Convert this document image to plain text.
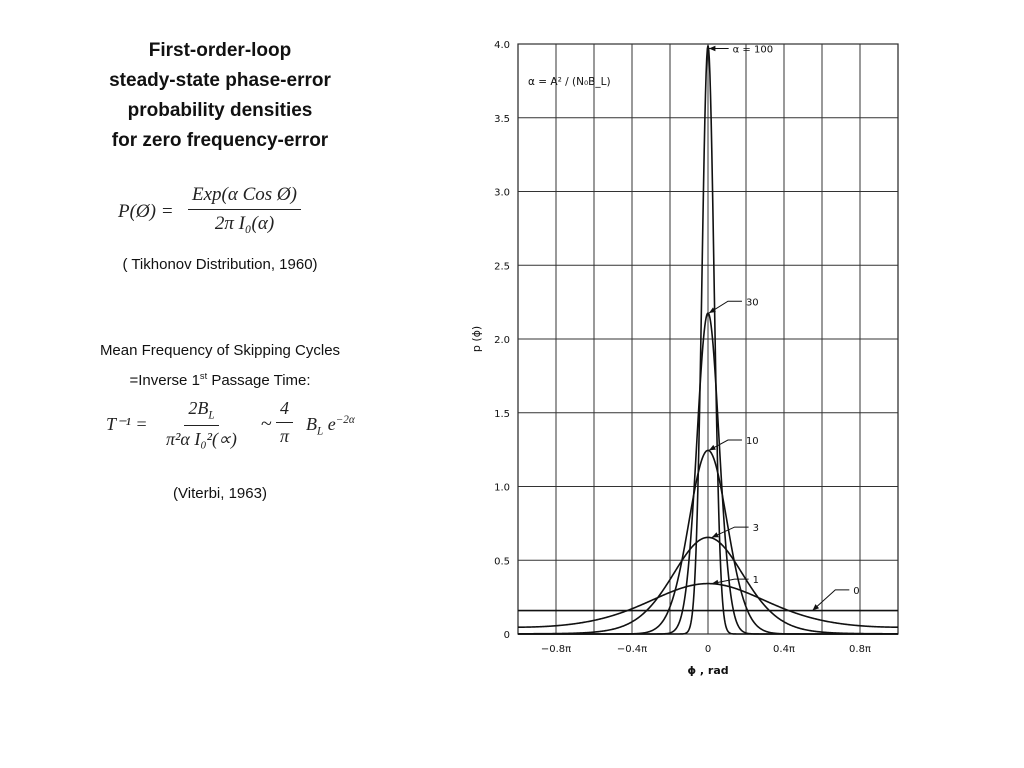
First-order-loop
steady-state phase-error
probability densities
for zero frequency-error
P(Ø) =
Exp(α Cos Ø)
2π I₀(α)
( Tikhonov Distribution, 1960)
Mean Frequency of Skipping Cycles
=Inverse 1st Passage Time:
$T^{-1} = \frac{2B_L}{\text{π²α I₀²(∝)}}$ ~ $\frac{4}{\pi} B_L$ $e^{-2\alpha}$
(Viterbi, 1963)
0
0.5
1.0
1.5
2.0
2.5
3.0
3.5
4.0
−0.8π	−0.4π	0	0.4π	0.8π
ϕ , rad
p (ϕ)
α = A² / (N₀B_L)
α = 100
30
10
3
1
0
